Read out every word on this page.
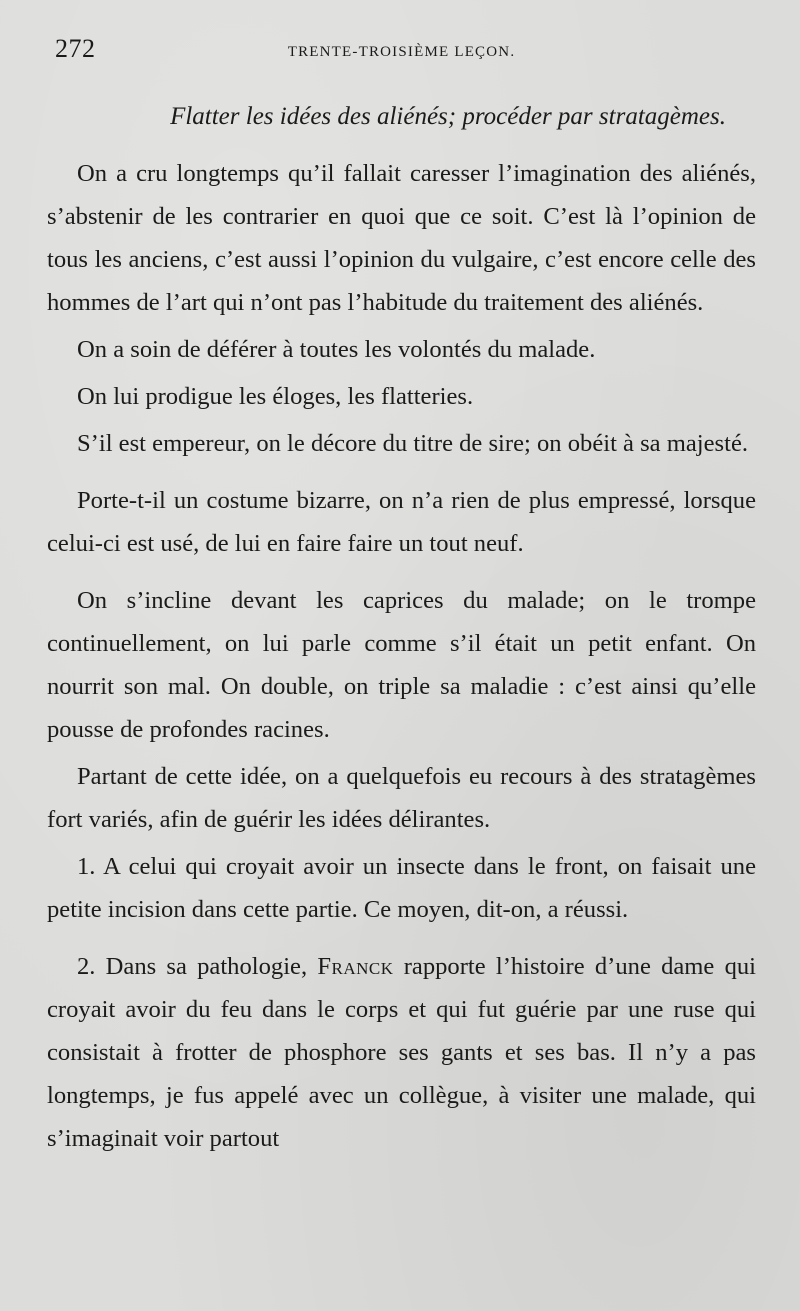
272	TRENTE-TROISIÈME LEÇON.
Flatter les idées des aliénés; procéder par stratagèmes.

On a cru longtemps qu’il fallait caresser l’imagination des aliénés, s’abstenir de les contrarier en quoi que ce soit. C’est là l’opinion de tous les anciens, c’est aussi l’opinion du vulgaire, c’est encore celle des hommes de l’art qui n’ont pas l’habitude du traitement des aliénés.

On a soin de déférer à toutes les volontés du malade.

On lui prodigue les éloges, les flatteries.

S’il est empereur, on le décore du titre de sire; on obéit à sa majesté.

Porte-t-il un costume bizarre, on n’a rien de plus empressé, lorsque celui-ci est usé, de lui en faire faire un tout neuf.

On s’incline devant les caprices du malade; on le trompe continuellement, on lui parle comme s’il était un petit enfant. On nourrit son mal. On double, on triple sa maladie : c’est ainsi qu’elle pousse de profondes racines.

Partant de cette idée, on a quelquefois eu recours à des stratagèmes fort variés, afin de guérir les idées délirantes.

1. A celui qui croyait avoir un insecte dans le front, on faisait une petite incision dans cette partie. Ce moyen, dit-on, a réussi.

2. Dans sa pathologie, Franck rapporte l’histoire d’une dame qui croyait avoir du feu dans le corps et qui fut guérie par une ruse qui consistait à frotter de phosphore ses gants et ses bas. Il n’y a pas longtemps, je fus appelé avec un collègue, à visiter une malade, qui s’imaginait voir partout
